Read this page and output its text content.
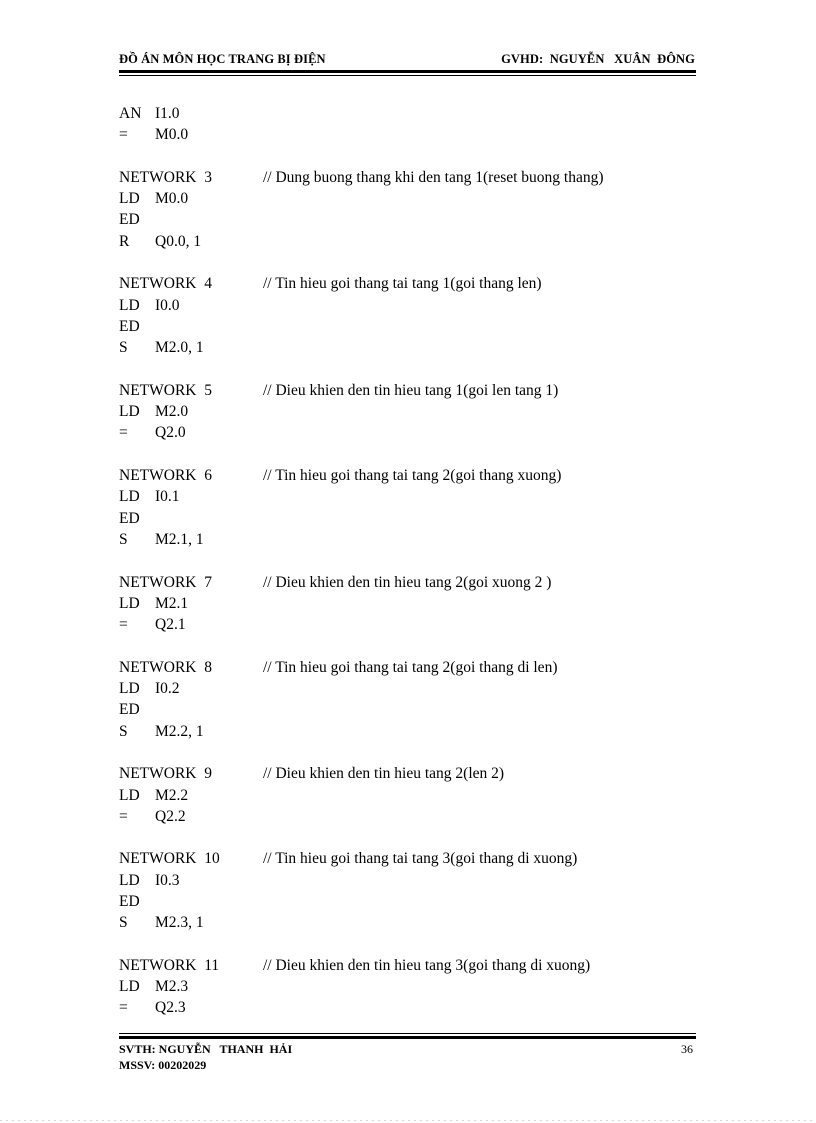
ĐỒ ÁN MÔN HỌC TRANG BỊ ĐIỆN	GVHD:  NGUYỄN   XUÂN  ĐÔNG
AN I1.0
= M0.0
NETWORK  3	// Dung buong thang khi den tang 1(reset buong thang)
LD M0.0
ED
R Q0.0, 1
NETWORK  4	// Tin hieu goi thang tai tang 1(goi thang len)
LD I0.0
ED
S M2.0, 1
NETWORK  5	// Dieu khien den tin hieu tang 1(goi len tang 1)
LD M2.0
= Q2.0
NETWORK  6	// Tin hieu goi thang tai tang 2(goi thang xuong)
LD I0.1
ED
S M2.1, 1
NETWORK  7	// Dieu khien den tin hieu tang 2(goi xuong 2 )
LD M2.1
= Q2.1
NETWORK  8	// Tin hieu goi thang tai tang 2(goi thang di len)
LD I0.2
ED
S M2.2, 1
NETWORK  9	// Dieu khien den tin hieu tang 2(len 2)
LD M2.2
= Q2.2
NETWORK  10	// Tin hieu goi thang tai tang 3(goi thang di xuong)
LD I0.3
ED
S M2.3, 1
NETWORK  11	// Dieu khien den tin hieu tang 3(goi thang di xuong)
LD M2.3
= Q2.3
SVTH: NGUYỄN   THANH  HẢI
MSSV: 00202029
36
